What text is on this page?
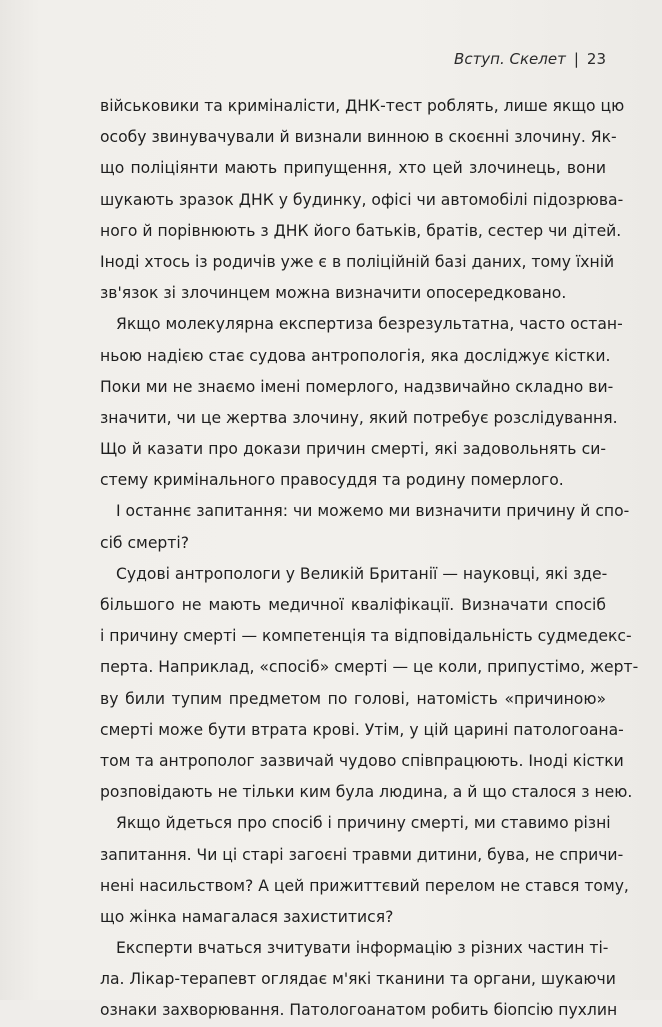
Вступ. Скелет | 23
військовики та криміналісти, ДНК-тест роблять, лише якщо цю
особу звинувачували й визнали винною в скоєнні злочину. Як-
що поліціянти мають припущення, хто цей злочинець, вони
шукають зразок ДНК у будинку, офісі чи автомобілі підозрюва-
ного й порівнюють з ДНК його батьків, братів, сестер чи дітей.
Іноді хтось із родичів уже є в поліційній базі даних, тому їхній
зв'язок зі злочинцем можна визначити опосередковано.
Якщо молекулярна експертиза безрезультатна, часто остан-
ньою надією стає судова антропологія, яка досліджує кістки.
Поки ми не знаємо імені померлого, надзвичайно складно ви-
значити, чи це жертва злочину, який потребує розслідування.
Що й казати про докази причин смерті, які задовольнять си-
стему кримінального правосуддя та родину померлого.
І останнє запитання: чи можемо ми визначити причину й спо-
сіб смерті?
Судові антропологи у Великій Британії — науковці, які зде-
більшого не мають медичної кваліфікації. Визначати спосіб
і причину смерті — компетенція та відповідальність судмедекс-
перта. Наприклад, «спосіб» смерті — це коли, припустімо, жерт-
ву били тупим предметом по голові, натомість «причиною»
смерті може бути втрата крові. Утім, у цій царині патологоана-
том та антрополог зазвичай чудово співпрацюють. Іноді кістки
розповідають не тільки ким була людина, а й що сталося з нею.
Якщо йдеться про спосіб і причину смерті, ми ставимо різні
запитання. Чи ці старі загоєні травми дитини, бува, не спричи-
нені насильством? А цей прижиттєвий перелом не стався тому,
що жінка намагалася захиститися?
Експерти вчаться зчитувати інформацію з різних частин ті-
ла. Лікар-терапевт оглядає м'які тканини та органи, шукаючи
ознаки захворювання. Патологоанатом робить біопсію пухлин
